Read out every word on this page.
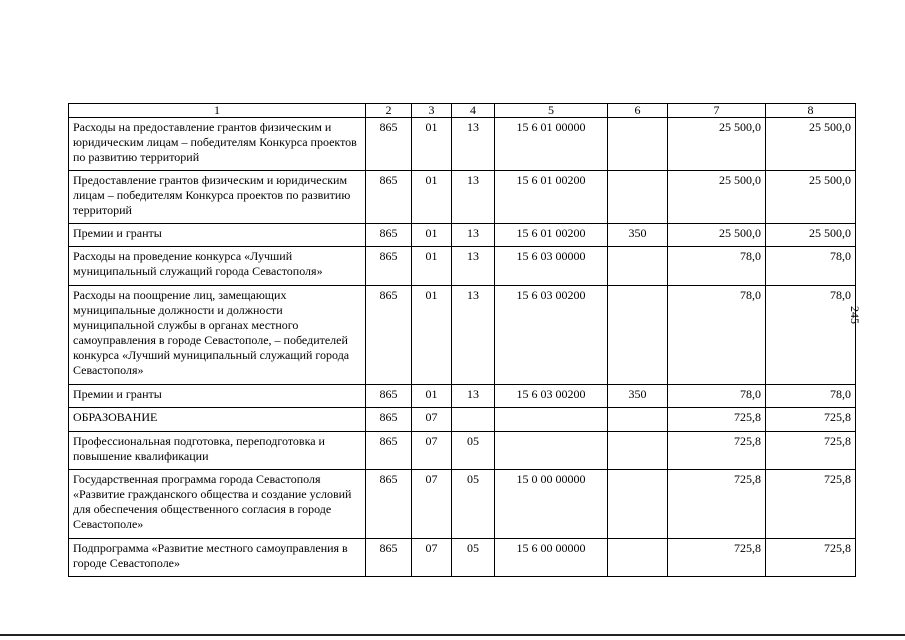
245
1	2	3	4	5	6	7	8
Расходы на предоставление грантов физическим и юридическим лицам – победителям Конкурса проектов по развитию территорий	865	01	13	15 6 01 00000		25 500,0	25 500,0
Предоставление грантов физическим и юридическим лицам – победителям Конкурса проектов по развитию территорий	865	01	13	15 6 01 00200		25 500,0	25 500,0
Премии и гранты	865	01	13	15 6 01 00200	350	25 500,0	25 500,0
Расходы на проведение конкурса «Лучший муниципальный служащий города Севастополя»	865	01	13	15 6 03 00000		78,0	78,0
Расходы на поощрение лиц, замещающих муниципальные должности и должности муниципальной службы в органах местного самоуправления в городе Севастополе, – победителей конкурса «Лучший муниципальный служащий города Севастополя»	865	01	13	15 6 03 00200		78,0	78,0
Премии и гранты	865	01	13	15 6 03 00200	350	78,0	78,0
ОБРАЗОВАНИЕ	865	07				725,8	725,8
Профессиональная подготовка, переподготовка и повышение квалификации	865	07	05			725,8	725,8
Государственная программа города Севастополя «Развитие гражданского общества и создание условий для обеспечения общественного согласия в городе Севастополе»	865	07	05	15 0 00 00000		725,8	725,8
Подпрограмма «Развитие местного самоуправления в городе Севастополе»	865	07	05	15 6 00 00000		725,8	725,8
